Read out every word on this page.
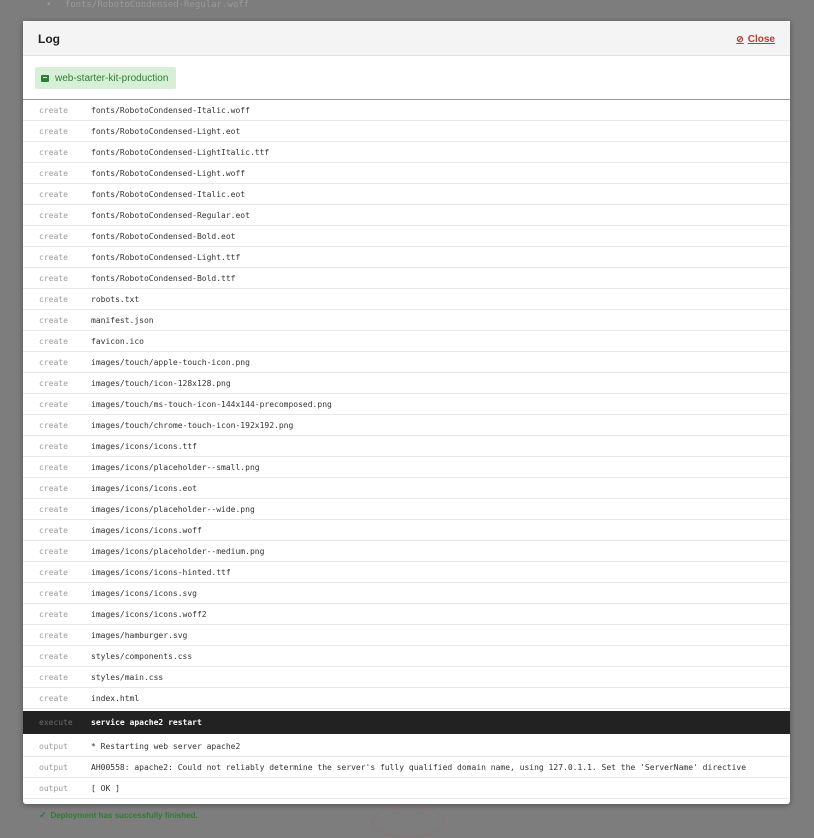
• fonts/RobotoCondensed-Regular.woff
Log	⊘ Close
web-starter-kit-production
create	fonts/RobotoCondensed-Italic.woff
create	fonts/RobotoCondensed-Light.eot
create	fonts/RobotoCondensed-LightItalic.ttf
create	fonts/RobotoCondensed-Light.woff
create	fonts/RobotoCondensed-Italic.eot
create	fonts/RobotoCondensed-Regular.eot
create	fonts/RobotoCondensed-Bold.eot
create	fonts/RobotoCondensed-Light.ttf
create	fonts/RobotoCondensed-Bold.ttf
create	robots.txt
create	manifest.json
create	favicon.ico
create	images/touch/apple-touch-icon.png
create	images/touch/icon-128x128.png
create	images/touch/ms-touch-icon-144x144-precomposed.png
create	images/touch/chrome-touch-icon-192x192.png
create	images/icons/icons.ttf
create	images/icons/placeholder--small.png
create	images/icons/icons.eot
create	images/icons/placeholder--wide.png
create	images/icons/icons.woff
create	images/icons/placeholder--medium.png
create	images/icons/icons-hinted.ttf
create	images/icons/icons.svg
create	images/icons/icons.woff2
create	images/hamburger.svg
create	styles/components.css
create	styles/main.css
create	index.html
execute	service apache2 restart
output	* Restarting web server apache2
output	AH00558: apache2: Could not reliably determine the server's fully qualified domain name, using 127.0.1.1. Set the 'ServerName' directive
output	[ OK ]
✓ Deployment has successfully finished.
